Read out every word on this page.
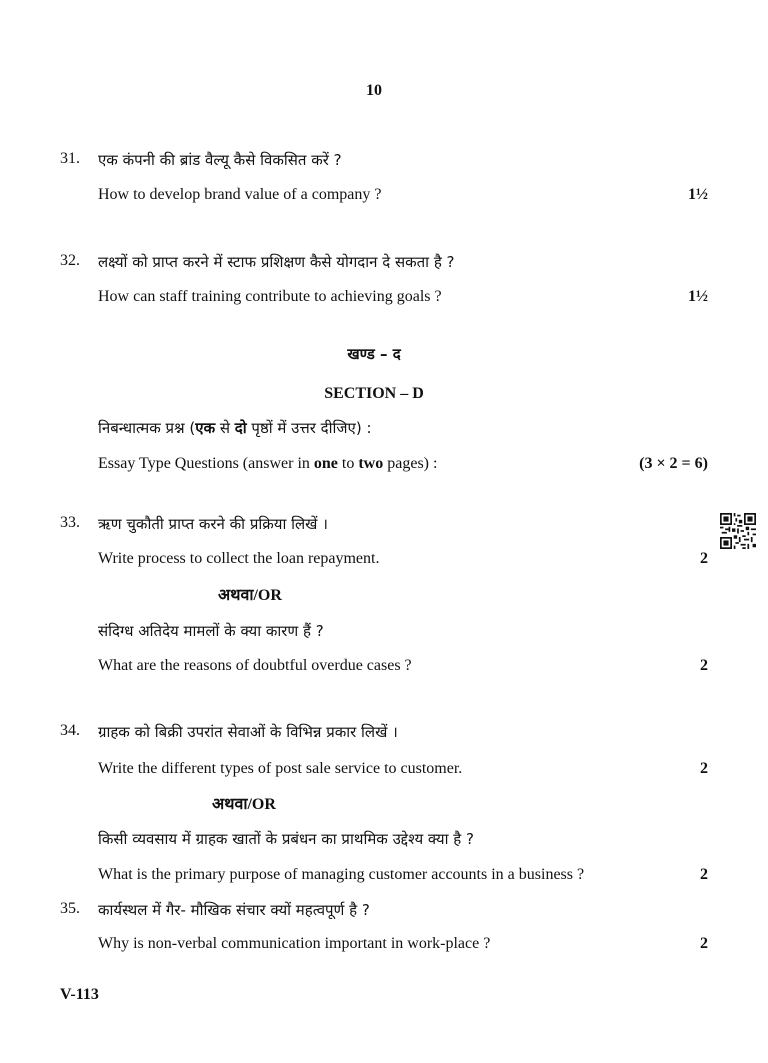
10
31. एक कंपनी की ब्रांड वैल्यू कैसे विकसित करें ?
How to develop brand value of a company ?	1½
32. लक्ष्यों को प्राप्त करने में स्टाफ प्रशिक्षण कैसे योगदान दे सकता है ?
How can staff training contribute to achieving goals ?	1½
खण्ड – द
SECTION – D
निबन्धात्मक प्रश्न (एक से दो पृष्ठों में उत्तर दीजिए) :
Essay Type Questions (answer in one to two pages) :	(3 × 2 = 6)
33. ऋण चुकौती प्राप्त करने की प्रक्रिया लिखें ।
Write process to collect the loan repayment.	2
अथवा/OR
संदिग्ध अतिदेय मामलों के क्या कारण हैं ?
What are the reasons of doubtful overdue cases ?	2
34. ग्राहक को बिक्री उपरांत सेवाओं के विभिन्न प्रकार लिखें ।
Write the different types of post sale service to customer.	2
अथवा/OR
किसी व्यवसाय में ग्राहक खातों के प्रबंधन का प्राथमिक उद्देश्य क्या है ?
What is the primary purpose of managing customer accounts in a business ?	2
35. कार्यस्थल में गैर- मौखिक संचार क्यों महत्वपूर्ण है ?
Why is non-verbal communication important in work-place ?	2
V-113
